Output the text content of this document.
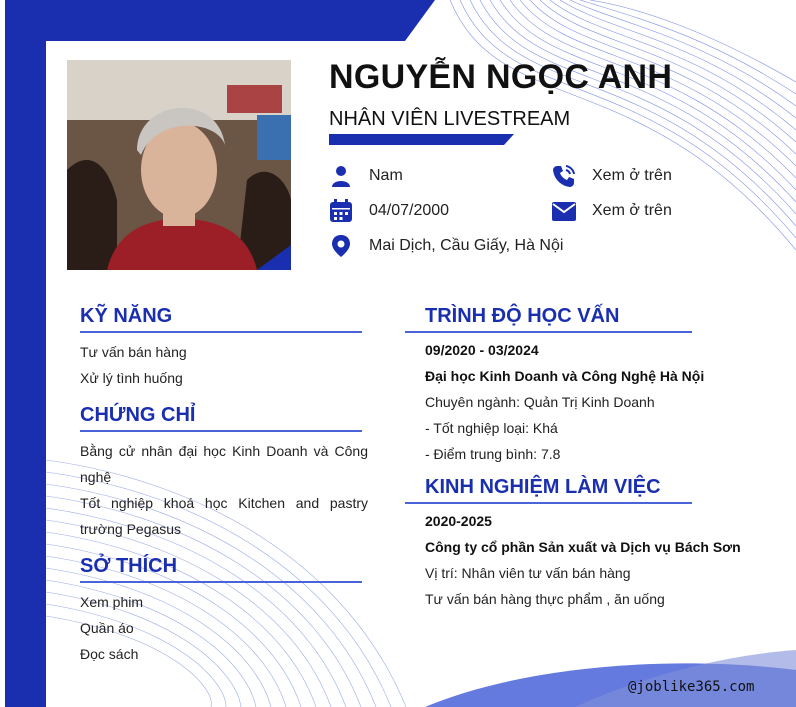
NGUYỄN NGỌC ANH

NHÂN VIÊN LIVESTREAM

Nam
04/07/2000
Mai Dịch, Cầu Giấy, Hà Nội
Xem ở trên
Xem ở trên
KỸ NĂNG
Tư vấn bán hàng
Xử lý tình huống
CHỨNG CHỈ
Bằng cử nhân đại học Kinh Doanh và Công nghệ
Tốt nghiệp khoá học Kitchen and pastry trường Pegasus
SỞ THÍCH
Xem phim
Quần áo
Đọc sách
TRÌNH ĐỘ HỌC VẤN
09/2020 - 03/2024
Đại học Kinh Doanh và Công Nghệ Hà Nội
Chuyên ngành: Quản Trị Kinh Doanh
- Tốt nghiệp loại: Khá
- Điểm trung bình: 7.8
KINH NGHIỆM LÀM VIỆC
2020-2025
Công ty cổ phần Sản xuất và Dịch vụ Bách Sơn
Vị trí: Nhân viên tư vấn bán hàng
Tư vấn bán hàng thực phẩm , ăn uống
@joblike365.com
